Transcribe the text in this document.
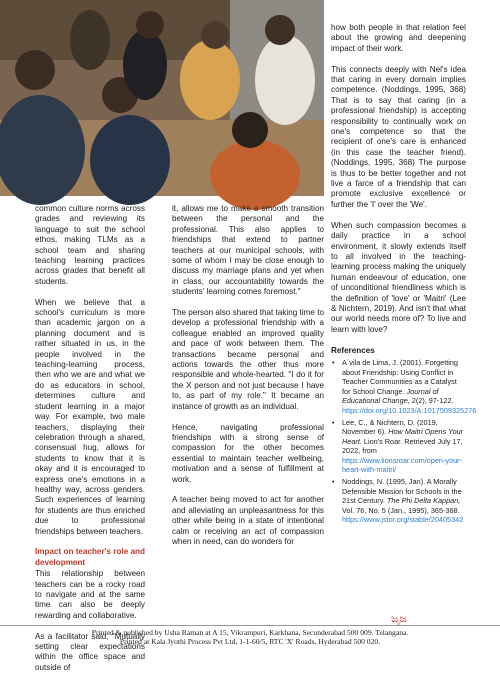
common culture norms across grades and reviewing its language to suit the school ethos, making TLMs as a school team and sharing teaching learning practices across grades that benefit all students.

When we believe that a school's curriculum is more than academic jargon on a planning document and is rather situated in us, in the people involved in the teaching-learning process, then who we are and what we do as educators in school, determines culture and student learning in a major way. For example, two male teachers, displaying their celebration through a shared, consensual hug, allows for students to know that it is okay and it is encouraged to express one's emotions in a healthy way, across genders. Such experiences of learning for students are thus enriched due to professional friendships between teachers.

Impact on teacher's role and development

This relationship between teachers can be a rocky road to navigate and at the same time can also be deeply rewarding and collaborative.

As a facilitator said, "Mutually setting clear expectations within the office space and outside of

it, allows me to make a smooth transition between the personal and the professional. This also applies to friendships that extend to partner teachers at our municipal schools, with some of whom I may be close enough to discuss my marriage plans and yet when in class, our accountability towards the students' learning comes foremost."

The person also shared that taking time to develop a professional friendship with a colleague enabled an improved quality and pace of work between them. The transactions became personal and actions towards the other thus more responsible and whole-hearted. "I do it for the X person and not just because I have to, as part of my role." It became an instance of growth as an individual.

Hence, navigating professional friendships with a strong sense of compassion for the other becomes essential to maintain teacher wellbeing, motivation and a sense of fulfillment at work.

A teacher being moved to act for another and alleviating an unpleasantness for this other while being in a state of intentional calm or receiving an act of compassion when in need, can do wonders for

how both people in that relation feel about the growing and deepening impact of their work.

This connects deeply with Nel's idea that caring in every domain implies competence. (Noddings, 1995, 368) That is to say that caring (in a professional friendship) is accepting responsibility to continually work on one's competence so that the recipient of one's care is enhanced (in this case the teacher friend). (Noddings, 1995, 368) The purpose is thus to be better together and not live a farce of a friendship that can promote exclusive excellence or further the 'I' over the 'We'.

When such compassion becomes a daily practice in a school environment, it slowly extends itself to all involved in the teaching-learning process making the uniquely human endeavour of education, one of unconditional friendliness which is the definition of 'love' or 'Maitri' (Lee & Nichtern, 2019). And isn't that what our world needs more of? To live and learn with love?

References
• A´vila de Lima, J. (2001). Forgetting about Friendship: Using Conflict in Teacher Communities as a Catalyst for School Change. Journal of Educational Change, 2(2), 97-122. https://doi.org/10.1023/A:1017509325276
• Lee, C., & Nichtern, D. (2019, November 6). How Maitri Opens Your Heart. Lion's Roar. Retrieved July 17, 2022, from https://www.lionsroar.com/open-your-heart-with-maitri/
• Noddings, N. (1995, Jan). A Morally Defensible Mission for Schools in the 21st Century. The Phi Delta Kappan, Vol. 76, No. 5 (Jan., 1995), 365-368. https://www.jstor.org/stable/20405342
ಜೖಜ
Printed & published by Usha Raman at A 15, Vikrampuri, Karkhana, Secunderabad 500 009. Telangana.
Printed at Kala Jyothi Process Pvt Ltd, 1-1-60/5, RTC 'X' Roads, Hyderabad 500 020.
